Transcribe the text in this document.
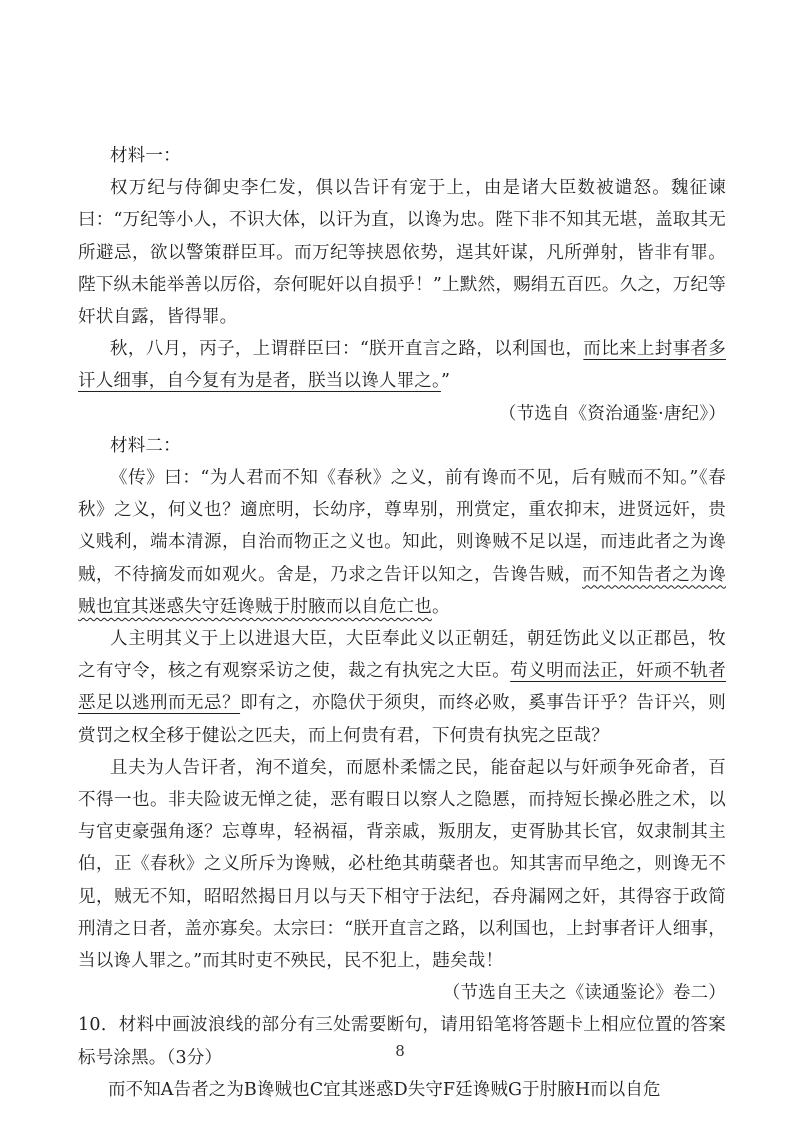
材料一：

权万纪与侍御史李仁发，俱以告讦有宠于上，由是诸大臣数被谴怒。魏征谏曰：“万纪等小人，不识大体，以讦为直，以谗为忠。陛下非不知其无堪，盖取其无所避忌，欲以警策群臣耳。而万纪等挟恩依势，逞其奸谋，凡所弹射，皆非有罪。陛下纵未能举善以厉俗，奈何昵奸以自损乎！”上默然，赐绢五百匹。久之，万纪等奸状自露，皆得罪。

秋，八月，丙子，上谓群臣曰：“朕开直言之路，以利国也，而比来上封事者多讦人细事，自今复有为是者，朕当以谗人罪之。”

（节选自《资治通鉴·唐纪》）

材料二：

《传》曰：“为人君而不知《春秋》之义，前有谗而不见，后有贼而不知。”《春秋》之义，何义也？適庶明，长幼序，尊卑别，刑赏定，重农抑末，进贤远奸，贵义贱利，端本清源，自治而物正之义也。知此，则谗贼不足以逞，而违此者之为谗贼，不待摘发而如观火。舍是，乃求之告讦以知之，告谗告贼，而不知告者之为谗贼也宜其迷惑失守廷谗贼于肘腋而以自危亡也。

人主明其义于上以进退大臣，大臣奉此义以正朝廷，朝廷饬此义以正郡邑，牧之有守令，核之有观察采访之使，裁之有执宪之大臣。苟义明而法正，奸顽不轨者恶足以逃刑而无忌？即有之，亦隐伏于须臾，而终必败，奚事告讦乎？告讦兴，则赏罚之权全移于健讼之匹夫，而上何贵有君，下何贵有执宪之臣哉？

且夫为人告讦者，洵不道矣，而愿朴柔懦之民，能奋起以与奸顽争死命者，百不得一也。非夫险诐无惮之徒，恶有暇日以察人之隐慝，而持短长操必胜之术，以与官吏豪强角逐？忘尊卑，轻祸福，背亲戚，叛朋友，吏胥胁其长官，奴隶制其主伯，正《春秋》之义所斥为谗贼，必杜绝其萌蘖者也。知其害而早绝之，则谗无不见，贼无不知，昭昭然揭日月以与天下相守于法纪，吞舟漏网之奸，其得容于政简刑清之日者，盖亦寡矣。太宗曰：“朕开直言之路，以利国也，上封事者讦人细事，当以谗人罪之。”而其时吏不殃民，民不犯上，韪矣哉！

（节选自王夫之《读通鉴论》卷二）

10．材料中画波浪线的部分有三处需要断句，请用铅笔将答题卡上相应位置的答案标号涂黑。（3分）

而不知A告者之为B谗贼也C宜其迷惑D失守F廷谗贼G于肘腋H而以自危

8
